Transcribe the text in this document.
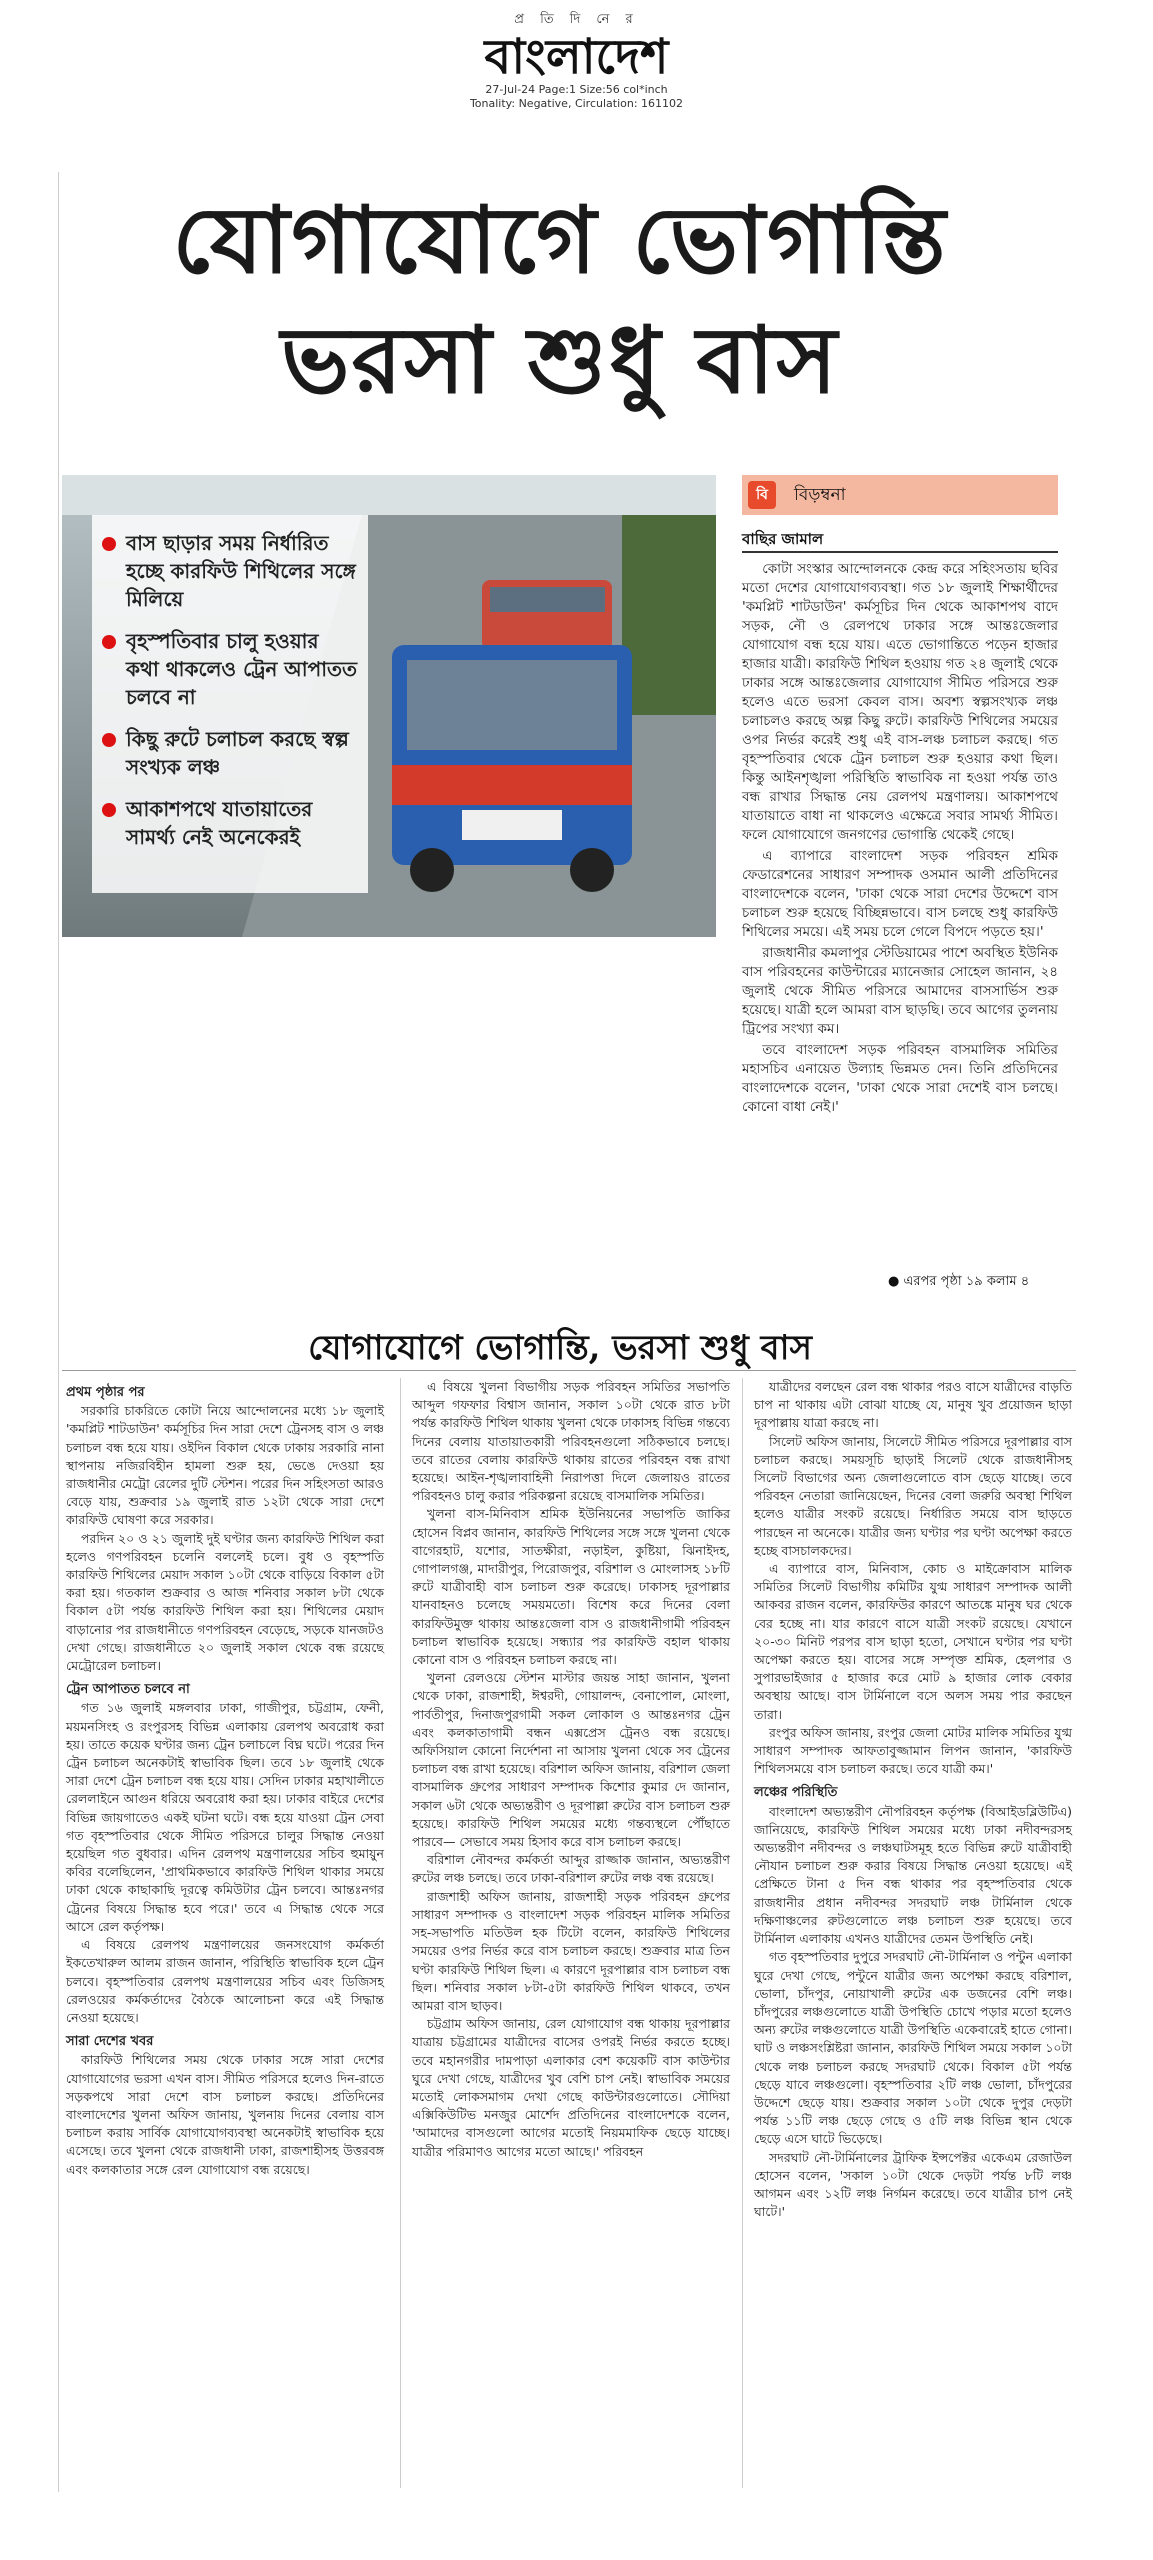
প্র তি দি নে র
বাংলাদেশ
27-Jul-24 Page:1 Size:56 col*inch
Tonality: Negative, Circulation: 161102
যোগাযোগে ভোগান্তি
ভরসা শুধু বাস
বাস ছাড়ার সময় নির্ধারিত হচ্ছে কারফিউ শিথিলের সঙ্গে মিলিয়ে
বৃহস্পতিবার চালু হওয়ার কথা থাকলেও ট্রেন আপাতত চলবে না
কিছু রুটে চলাচল করছে স্বল্প সংখ্যক লঞ্চ
আকাশপথে যাতায়াতের সামর্থ্য নেই অনেকেরই
বি	বিড়ম্বনা
বাছির জামাল

কোটা সংস্কার আন্দোলনকে কেন্দ্র করে সহিংসতায় ছবির মতো দেশের যোগাযোগব্যবস্থা। গত ১৮ জুলাই শিক্ষার্থীদের 'কমপ্লিট শাটডাউন' কর্মসূচির দিন থেকে আকাশপথ বাদে সড়ক, নৌ ও রেলপথে ঢাকার সঙ্গে আন্তঃজেলার যোগাযোগ বন্ধ হয়ে যায়। এতে ভোগান্তিতে পড়েন হাজার হাজার যাত্রী। কারফিউ শিথিল হওয়ায় গত ২৪ জুলাই থেকে ঢাকার সঙ্গে আন্তঃজেলার যোগাযোগ সীমিত পরিসরে শুরু হলেও এতে ভরসা কেবল বাস। অবশ্য স্বল্পসংখ্যক লঞ্চ চলাচলও করছে অল্প কিছু রুটে। কারফিউ শিথিলের সময়ের ওপর নির্ভর করেই শুধু এই বাস-লঞ্চ চলাচল করছে। গত বৃহস্পতিবার থেকে ট্রেন চলাচল শুরু হওয়ার কথা ছিল। কিন্তু আইনশৃঙ্খলা পরিস্থিতি স্বাভাবিক না হওয়া পর্যন্ত তাও বন্ধ রাখার সিদ্ধান্ত নেয় রেলপথ মন্ত্রণালয়। আকাশপথে যাতায়াতে বাধা না থাকলেও এক্ষেত্রে সবার সামর্থ্য সীমিত। ফলে যোগাযোগে জনগণের ভোগান্তি থেকেই গেছে।

এ ব্যাপারে বাংলাদেশ সড়ক পরিবহন শ্রমিক ফেডারেশনের সাধারণ সম্পাদক ওসমান আলী প্রতিদিনের বাংলাদেশকে বলেন, 'ঢাকা থেকে সারা দেশের উদ্দেশে বাস চলাচল শুরু হয়েছে বিচ্ছিন্নভাবে। বাস চলছে শুধু কারফিউ শিথিলের সময়ে। এই সময় চলে গেলে বিপদে পড়তে হয়।'

রাজধানীর কমলাপুর স্টেডিয়ামের পাশে অবস্থিত ইউনিক বাস পরিবহনের কাউন্টারের ম্যানেজার সোহেল জানান, ২৪ জুলাই থেকে সীমিত পরিসরে আমাদের বাসসার্ভিস শুরু হয়েছে। যাত্রী হলে আমরা বাস ছাড়ছি। তবে আগের তুলনায় ট্রিপের সংখ্যা কম।

তবে বাংলাদেশ সড়ক পরিবহন বাসমালিক সমিতির মহাসচিব এনায়েত উল্যাহ ভিন্নমত দেন। তিনি প্রতিদিনের বাংলাদেশকে বলেন, 'ঢাকা থেকে সারা দেশেই বাস চলছে। কোনো বাধা নেই।'

● এরপর পৃষ্ঠা ১৯ কলাম ৪
যোগাযোগে ভোগান্তি, ভরসা শুধু বাস
প্রথম পৃষ্ঠার পর

সরকারি চাকরিতে কোটা নিয়ে আন্দোলনের মধ্যে ১৮ জুলাই 'কমপ্লিট শাটডাউন' কর্মসূচির দিন সারা দেশে ট্রেনসহ বাস ও লঞ্চ চলাচল বন্ধ হয়ে যায়। ওইদিন বিকাল থেকে ঢাকায় সরকারি নানা স্থাপনায় নজিরবিহীন হামলা শুরু হয়, ভেঙে দেওয়া হয় রাজধানীর মেট্রো রেলের দুটি স্টেশন। পরের দিন সহিংসতা আরও বেড়ে যায়, শুক্রবার ১৯ জুলাই রাত ১২টা থেকে সারা দেশে কারফিউ ঘোষণা করে সরকার।

পরদিন ২০ ও ২১ জুলাই দুই ঘণ্টার জন্য কারফিউ শিথিল করা হলেও গণপরিবহন চলেনি বললেই চলে। বুধ ও বৃহস্পতি কারফিউ শিথিলের মেয়াদ সকাল ১০টা থেকে বাড়িয়ে বিকাল ৫টা করা হয়। গতকাল শুক্রবার ও আজ শনিবার সকাল ৮টা থেকে বিকাল ৫টা পর্যন্ত কারফিউ শিথিল করা হয়। শিথিলের মেয়াদ বাড়ানোর পর রাজধানীতে গণপরিবহন বেড়েছে, সড়কে যানজটও দেখা গেছে। রাজধানীতে ২০ জুলাই সকাল থেকে বন্ধ রয়েছে মেট্রোরেল চলাচল।

ট্রেন আপাতত চলবে না

গত ১৬ জুলাই মঙ্গলবার ঢাকা, গাজীপুর, চট্টগ্রাম, ফেনী, ময়মনসিংহ ও রংপুরসহ বিভিন্ন এলাকায় রেলপথ অবরোধ করা হয়। তাতে কয়েক ঘণ্টার জন্য ট্রেন চলাচলে বিঘ্ন ঘটে। পরের দিন ট্রেন চলাচল অনেকটাই স্বাভাবিক ছিল। তবে ১৮ জুলাই থেকে সারা দেশে ট্রেন চলাচল বন্ধ হয়ে যায়। সেদিন ঢাকার মহাখালীতে রেললাইনে আগুন ধরিয়ে অবরোধ করা হয়। ঢাকার বাইরে দেশের বিভিন্ন জায়গাতেও একই ঘটনা ঘটে। বন্ধ হয়ে যাওয়া ট্রেন সেবা গত বৃহস্পতিবার থেকে সীমিত পরিসরে চালুর সিদ্ধান্ত নেওয়া হয়েছিল গত বুধবার। এদিন রেলপথ মন্ত্রণালয়ের সচিব হুমায়ুন কবির বলেছিলেন, 'প্রাথমিকভাবে কারফিউ শিথিল থাকার সময়ে ঢাকা থেকে কাছাকাছি দূরত্বে কমিউটার ট্রেন চলবে। আন্তঃনগর ট্রেনের বিষয়ে সিদ্ধান্ত হবে পরে।' তবে এ সিদ্ধান্ত থেকে সরে আসে রেল কর্তৃপক্ষ।

এ বিষয়ে রেলপথ মন্ত্রণালয়ের জনসংযোগ কর্মকর্তা ইকতেখারুল আলম রাজন জানান, পরিস্থিতি স্বাভাবিক হলে ট্রেন চলবে। বৃহস্পতিবার রেলপথ মন্ত্রণালয়ের সচিব এবং ডিজিসহ রেলওয়ের কর্মকর্তাদের বৈঠকে আলোচনা করে এই সিদ্ধান্ত নেওয়া হয়েছে।

সারা দেশের খবর

কারফিউ শিথিলের সময় থেকে ঢাকার সঙ্গে সারা দেশের যোগাযোগের ভরসা এখন বাস। সীমিত পরিসরে হলেও দিন-রাতে সড়কপথে সারা দেশে বাস চলাচল করছে। প্রতিদিনের বাংলাদেশের খুলনা অফিস জানায়, খুলনায় দিনের বেলায় বাস চলাচল করায় সার্বিক যোগাযোগব্যবস্থা অনেকটাই স্বাভাবিক হয়ে এসেছে। তবে খুলনা থেকে রাজধানী ঢাকা, রাজশাহীসহ উত্তরবঙ্গ এবং কলকাতার সঙ্গে রেল যোগাযোগ বন্ধ রয়েছে।

এ বিষয়ে খুলনা বিভাগীয় সড়ক পরিবহন সমিতির সভাপতি আব্দুল গফফার বিশ্বাস জানান, সকাল ১০টা থেকে রাত ৮টা পর্যন্ত কারফিউ শিথিল থাকায় খুলনা থেকে ঢাকাসহ বিভিন্ন গন্তব্যে দিনের বেলায় যাতায়াতকারী পরিবহনগুলো সঠিকভাবে চলছে। তবে রাতের বেলায় কারফিউ থাকায় রাতের পরিবহন বন্ধ রাখা হয়েছে। আইন-শৃঙ্খলাবাহিনী নিরাপত্তা দিলে জেলায়ও রাতের পরিবহনও চালু করার পরিকল্পনা রয়েছে বাসমালিক সমিতির।

খুলনা বাস-মিনিবাস শ্রমিক ইউনিয়নের সভাপতি জাকির হোসেন বিপ্লব জানান, কারফিউ শিথিলের সঙ্গে সঙ্গে খুলনা থেকে বাগেরহাট, যশোর, সাতক্ষীরা, নড়াইল, কুষ্টিয়া, ঝিনাইদহ, গোপালগঞ্জ, মাদারীপুর, পিরোজপুর, বরিশাল ও মোংলাসহ ১৮টি রুটে যাত্রীবাহী বাস চলাচল শুরু করেছে। ঢাকাসহ দূরপাল্লার যানবাহনও চলেছে সময়মতো। বিশেষ করে দিনের বেলা কারফিউমুক্ত থাকায় আন্তঃজেলা বাস ও রাজধানীগামী পরিবহন চলাচল স্বাভাবিক হয়েছে। সন্ধ্যার পর কারফিউ বহাল থাকায় কোনো বাস ও পরিবহন চলাচল করছে না।

খুলনা রেলওয়ে স্টেশন মাস্টার জয়ন্ত সাহা জানান, খুলনা থেকে ঢাকা, রাজশাহী, ঈশ্বরদী, গোয়ালন্দ, বেনাপোল, মোংলা, পার্বতীপুর, দিনাজপুরগামী সকল লোকাল ও আন্তঃনগর ট্রেন এবং কলকাতাগামী বন্ধন এক্সপ্রেস ট্রেনও বন্ধ রয়েছে। অফিসিয়াল কোনো নির্দেশনা না আসায় খুলনা থেকে সব ট্রেনের চলাচল বন্ধ রাখা হয়েছে। বরিশাল অফিস জানায়, বরিশাল জেলা বাসমালিক গ্রুপের সাধারণ সম্পাদক কিশোর কুমার দে জানান, সকাল ৬টা থেকে অভ্যন্তরীণ ও দূরপাল্লা রুটের বাস চলাচল শুরু হয়েছে। কারফিউ শিথিল সময়ের মধ্যে গন্তব্যস্থলে পৌঁছাতে পারবে— সেভাবে সময় হিসাব করে বাস চলাচল করছে।

বরিশাল নৌবন্দর কর্মকর্তা আব্দুর রাজ্জাক জানান, অভ্যন্তরীণ রুটের লঞ্চ চলছে। তবে ঢাকা-বরিশাল রুটের লঞ্চ বন্ধ রয়েছে।

রাজশাহী অফিস জানায়, রাজশাহী সড়ক পরিবহন গ্রুপের সাধারণ সম্পাদক ও বাংলাদেশ সড়ক পরিবহন মালিক সমিতির সহ-সভাপতি মতিউল হক টিটো বলেন, কারফিউ শিথিলের সময়ের ওপর নির্ভর করে বাস চলাচল করছে। শুক্রবার মাত্র তিন ঘণ্টা কারফিউ শিথিল ছিল। এ কারণে দূরপাল্লার বাস চলাচল বন্ধ ছিল। শনিবার সকাল ৮টা-৫টা কারফিউ শিথিল থাকবে, তখন আমরা বাস ছাড়ব।

চট্টগ্রাম অফিস জানায়, রেল যোগাযোগ বন্ধ থাকায় দূরপাল্লার যাত্রায় চট্টগ্রামের যাত্রীদের বাসের ওপরই নির্ভর করতে হচ্ছে। তবে মহানগরীর দামপাড়া এলাকার বেশ কয়েকটি বাস কাউন্টার ঘুরে দেখা গেছে, যাত্রীদের খুব বেশি চাপ নেই। স্বাভাবিক সময়ের মতোই লোকসমাগম দেখা গেছে কাউন্টারগুলোতে। সৌদিয়া এক্সিকিউটিভ মনজুর মোর্শেদ প্রতিদিনের বাংলাদেশকে বলেন, 'আমাদের বাসগুলো আগের মতোই নিয়মমাফিক ছেড়ে যাচ্ছে। যাত্রীর পরিমাণও আগের মতো আছে।' পরিবহন

যাত্রীদের বলছেন রেল বন্ধ থাকার পরও বাসে যাত্রীদের বাড়তি চাপ না থাকায় এটা বোঝা যাচ্ছে যে, মানুষ খুব প্রয়োজন ছাড়া দূরপাল্লায় যাত্রা করছে না।

সিলেট অফিস জানায়, সিলেটে সীমিত পরিসরে দূরপাল্লার বাস চলাচল করছে। সময়সূচি ছাড়াই সিলেট থেকে রাজধানীসহ সিলেট বিভাগের অন্য জেলাগুলোতে বাস ছেড়ে যাচ্ছে। তবে পরিবহন নেতারা জানিয়েছেন, দিনের বেলা জরুরি অবস্থা শিথিল হলেও যাত্রীর সংকট রয়েছে। নির্ধারিত সময়ে বাস ছাড়তে পারছেন না অনেকে। যাত্রীর জন্য ঘণ্টার পর ঘণ্টা অপেক্ষা করতে হচ্ছে বাসচালকদের।

এ ব্যাপারে বাস, মিনিবাস, কোচ ও মাইক্রোবাস মালিক সমিতির সিলেট বিভাগীয় কমিটির যুগ্ম সাধারণ সম্পাদক আলী আকবর রাজন বলেন, কারফিউর কারণে আতঙ্কে মানুষ ঘর থেকে বের হচ্ছে না। যার কারণে বাসে যাত্রী সংকট রয়েছে। যেখানে ২০-৩০ মিনিট পরপর বাস ছাড়া হতো, সেখানে ঘণ্টার পর ঘণ্টা অপেক্ষা করতে হয়। বাসের সঙ্গে সম্পৃক্ত শ্রমিক, হেলপার ও সুপারভাইজার ৫ হাজার করে মোট ৯ হাজার লোক বেকার অবস্থায় আছে। বাস টার্মিনালে বসে অলস সময় পার করছেন তারা।

রংপুর অফিস জানায়, রংপুর জেলা মোটর মালিক সমিতির যুগ্ম সাধারণ সম্পাদক আফতাবুজ্জামান লিপন জানান, 'কারফিউ শিথিলসময়ে বাস চলাচল করছে। তবে যাত্রী কম।'

লঞ্চের পরিস্থিতি

বাংলাদেশ অভ্যন্তরীণ নৌপরিবহন কর্তৃপক্ষ (বিআইডব্লিউটিএ) জানিয়েছে, কারফিউ শিথিল সময়ের মধ্যে ঢাকা নদীবন্দরসহ অভ্যন্তরীণ নদীবন্দর ও লঞ্চঘাটসমূহ হতে বিভিন্ন রুটে যাত্রীবাহী নৌযান চলাচল শুরু করার বিষয়ে সিদ্ধান্ত নেওয়া হয়েছে। এই প্রেক্ষিতে টানা ৫ দিন বন্ধ থাকার পর বৃহস্পতিবার থেকে রাজধানীর প্রধান নদীবন্দর সদরঘাট লঞ্চ টার্মিনাল থেকে দক্ষিণাঞ্চলের রুটগুলোতে লঞ্চ চলাচল শুরু হয়েছে। তবে টার্মিনাল এলাকায় এখনও যাত্রীদের তেমন উপস্থিতি নেই।

গত বৃহস্পতিবার দুপুরে সদরঘাট নৌ-টার্মিনাল ও পন্টুন এলাকা ঘুরে দেখা গেছে, পন্টুনে যাত্রীর জন্য অপেক্ষা করছে বরিশাল, ভোলা, চাঁদপুর, নোয়াখালী রুটের এক ডজনের বেশি লঞ্চ। চাঁদপুরের লঞ্চগুলোতে যাত্রী উপস্থিতি চোখে পড়ার মতো হলেও অন্য রুটের লঞ্চগুলোতে যাত্রী উপস্থিতি একেবারেই হাতে গোনা। ঘাট ও লঞ্চসংশ্লিষ্টরা জানান, কারফিউ শিথিল সময়ে সকাল ১০টা থেকে লঞ্চ চলাচল করছে সদরঘাট থেকে। বিকাল ৫টা পর্যন্ত ছেড়ে যাবে লঞ্চগুলো। বৃহস্পতিবার ২টি লঞ্চ ভোলা, চাঁদপুরের উদ্দেশে ছেড়ে যায়। শুক্রবার সকাল ১০টা থেকে দুপুর দেড়টা পর্যন্ত ১১টি লঞ্চ ছেড়ে গেছে ও ৫টি লঞ্চ বিভিন্ন স্থান থেকে ছেড়ে এসে ঘাটে ভিড়েছে।

সদরঘাট নৌ-টার্মিনালের ট্রাফিক ইন্সপেক্টর একেএম রেজাউল হোসেন বলেন, 'সকাল ১০টা থেকে দেড়টা পর্যন্ত ৮টি লঞ্চ আগমন এবং ১২টি লঞ্চ নির্গমন করেছে। তবে যাত্রীর চাপ নেই ঘাটে।'
